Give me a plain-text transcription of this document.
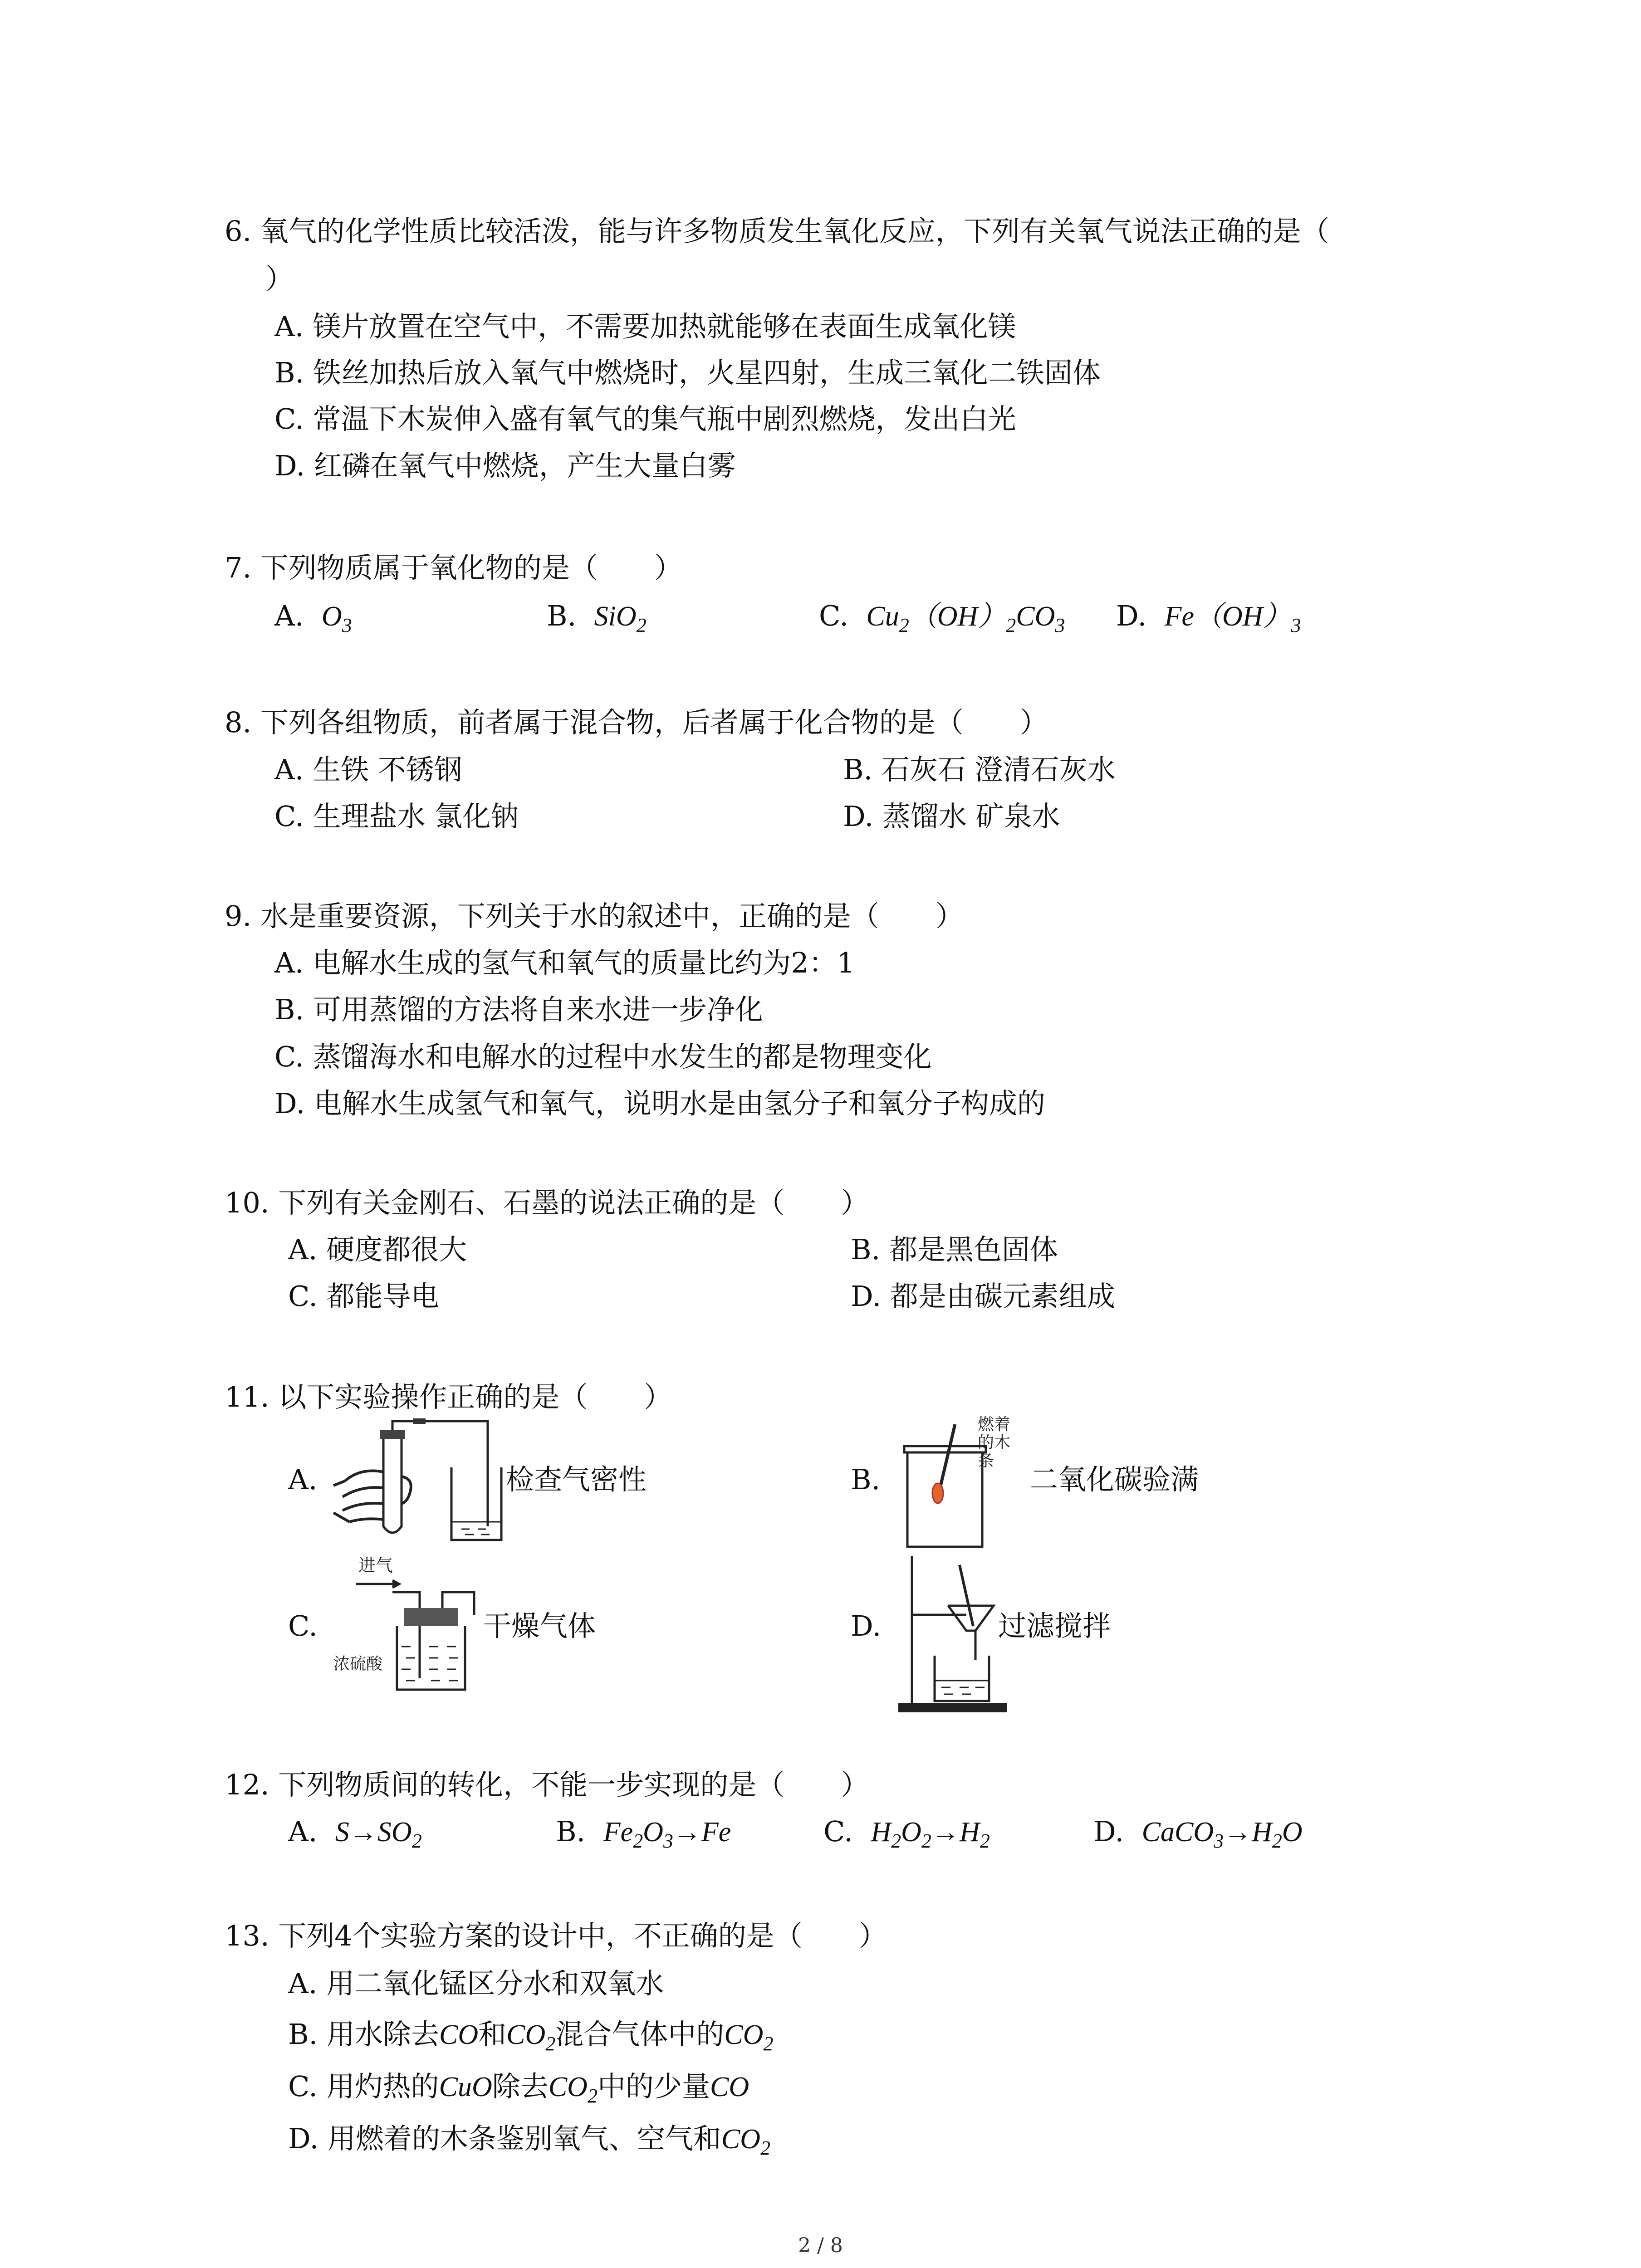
6. 氧气的化学性质比较活泼，能与许多物质发生氧化反应，下列有关氧气说法正确的是（
）
A. 镁片放置在空气中，不需要加热就能够在表面生成氧化镁
B. 铁丝加热后放入氧气中燃烧时，火星四射，生成三氧化二铁固体
C. 常温下木炭伸入盛有氧气的集气瓶中剧烈燃烧，发出白光
D. 红磷在氧气中燃烧，产生大量白雾
7. 下列物质属于氧化物的是（　　）
A. $O_3$	B. SiO$_2$	C. $Cu_2(OH)_2CO_3$ D. $Fe(OH)_3$
8. 下列各组物质，前者属于混合物，后者属于化合物的是（　　）
A. 生铁 不锈钢	B. 石灰石 澄清石灰水
C. 生理盐水 氯化钠	D. 蒸馏水 矿泉水
9. 水是重要资源，下列关于水的叙述中，正确的是（　　）
A. 电解水生成的氢气和氧气的质量比约为2：1
B. 可用蒸馏的方法将自来水进一步净化
C. 蒸馏海水和电解水的过程中水发生的都是物理变化
D. 电解水生成氢气和氧气，说明水是由氢分子和氧分子构成的
10. 下列有关金刚石、石墨的说法正确的是（　　）
A. 硬度都很大	B. 都是黑色固体
C. 都能导电	D. 都是由碳元素组成
11. 以下实验操作正确的是（　　）
A.	检查气密性	B.
燃着
的木
条
二氧化碳验满
C.
进气
浓硫酸
干燥气体	D.	过滤搅拌
12. 下列物质间的转化，不能一步实现的是（　　）
A. $S\to SO_2$	B. $Fe_2O_3\to Fe$	C. $H_2O_2\to H_2$	D. $CaCO_3\to H_2O$
13. 下列4个实验方案的设计中，不正确的是（　　）
A. 用二氧化锰区分水和双氧水
B. 用水除去CO和$CO_2$混合气体中的$CO_2$
C. 用灼热的CuO除去$CO_2$中的少量CO
D. 用燃着的木条鉴别氧气、空气和$CO_2$
2 / 8
